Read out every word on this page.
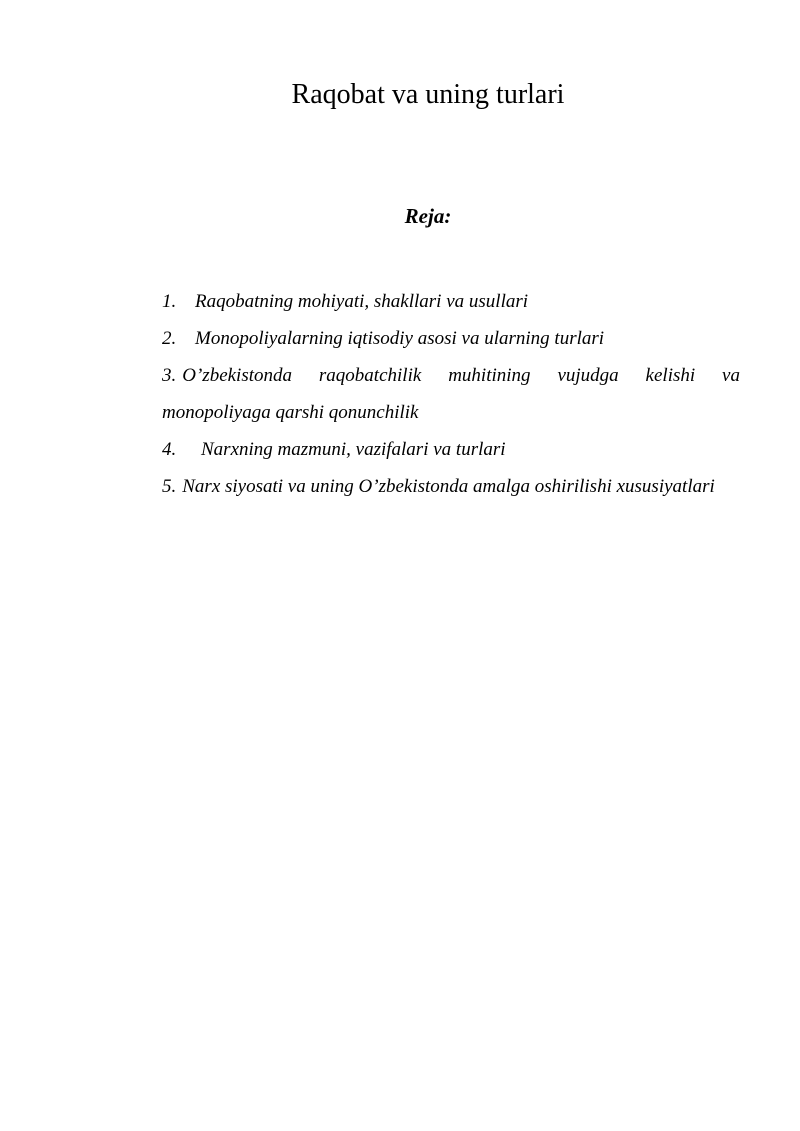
Raqobat va uning turlari
Reja:
1. Raqobatning mohiyati, shakllari va usullari
2. Monopoliyalarning iqtisodiy asosi va ularning turlari
3. O’zbekistonda raqobatchilik muhitining vujudga kelishi va monopoliyaga qarshi qonunchilik
4.	Narxning mazmuni, vazifalari va turlari
5. Narx siyosati va uning O’zbekistonda amalga oshirilishi xususiyatlari
